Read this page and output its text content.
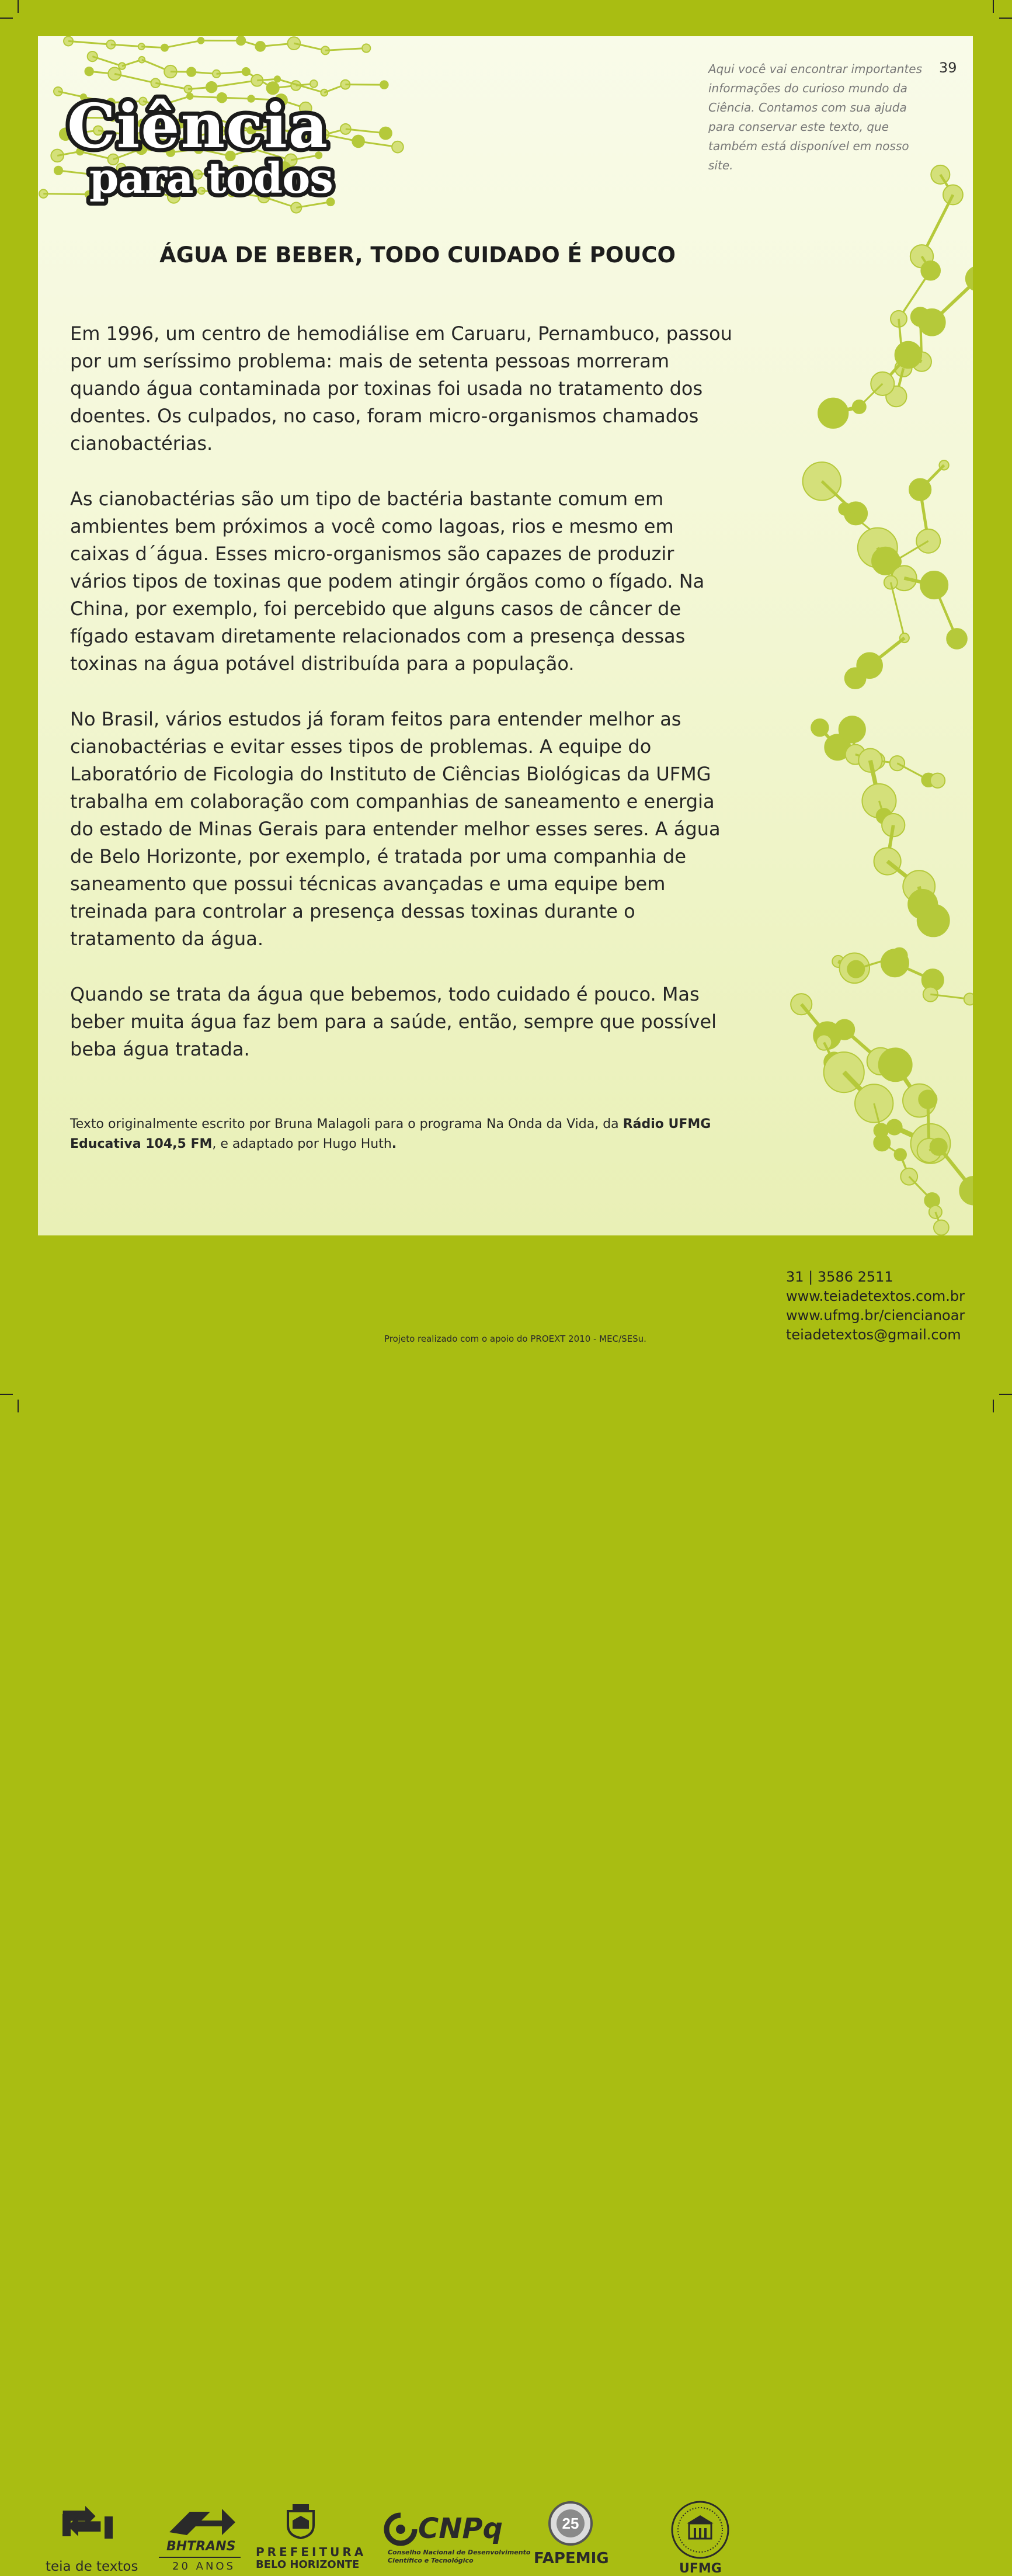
Ciência
para todos
Aqui você vai encontrar importantes informações do curioso mundo da Ciência. Contamos com sua ajuda para conservar este texto, que também está disponível em nosso site.
39
ÁGUA DE BEBER, TODO CUIDADO É POUCO

Em 1996, um centro de hemodiálise em Caruaru, Pernambuco, passou por um seríssimo problema: mais de setenta pessoas morreram quando água contaminada por toxinas foi usada no tratamento dos doentes. Os culpados, no caso, foram micro-organismos chamados cianobactérias.

As cianobactérias são um tipo de bactéria bastante comum em ambientes bem próximos a você como lagoas, rios e mesmo em caixas d´água. Esses micro-organismos são capazes de produzir vários tipos de toxinas que podem atingir órgãos como o fígado. Na China, por exemplo, foi percebido que alguns casos de câncer de fígado estavam diretamente relacionados com a presença dessas toxinas na água potável distribuída para a população.

No Brasil, vários estudos já foram feitos para entender melhor as cianobactérias e evitar esses tipos de problemas. A equipe do Laboratório de Ficologia do Instituto de Ciências Biológicas da UFMG trabalha em colaboração com companhias de saneamento e energia do estado de Minas Gerais para entender melhor esses seres. A água de Belo Horizonte, por exemplo, é tratada por uma companhia de saneamento que possui técnicas avançadas e uma equipe bem treinada para controlar a presença dessas toxinas durante o tratamento da água.

Quando se trata da água que bebemos, todo cuidado é pouco. Mas beber muita água faz bem para a saúde, então, sempre que possível beba água tratada.

Texto originalmente escrito por Bruna Malagoli para o programa Na Onda da Vida, da Rádio UFMG Educativa 104,5 FM, e adaptado por Hugo Huth.
teia de textos
BHTRANS
20 ANOS
PREFEITURA
BELO HORIZONTE
CNPq
Conselho Nacional de Desenvolvimento
Científico e Tecnológico
25
FAPEMIG
UFMG
Projeto realizado com o apoio do PROEXT 2010 - MEC/SESu.
31 | 3586 2511
www.teiadetextos.com.br
www.ufmg.br/ciencianoar
teiadetextos@gmail.com
